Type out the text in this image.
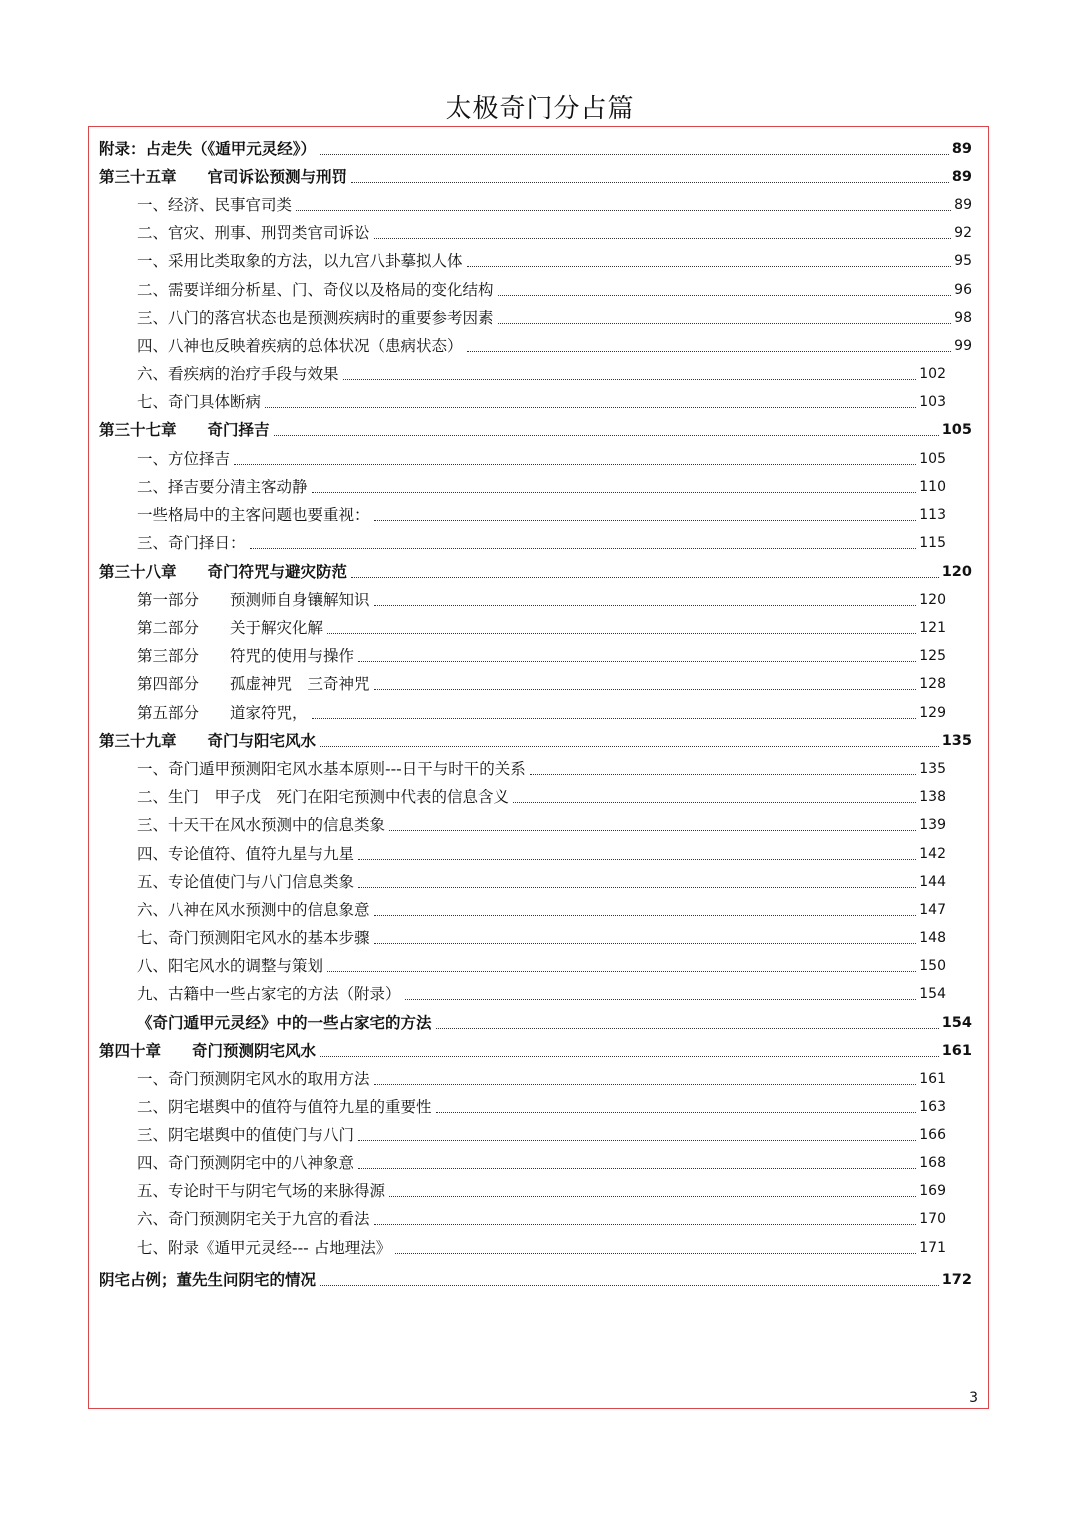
太极奇门分占篇
附录：占走失（《遁甲元灵经》）	89
第三十五章　　官司诉讼预测与刑罚	89
一、经济、民事官司类	89
二、官灾、刑事、刑罚类官司诉讼	92
一、采用比类取象的方法，以九宫八卦摹拟人体	95
二、需要详细分析星、门、奇仪以及格局的变化结构	96
三、八门的落宫状态也是预测疾病时的重要参考因素	98
四、八神也反映着疾病的总体状况（患病状态）	99
六、看疾病的治疗手段与效果	102
七、奇门具体断病	103
第三十七章　　奇门择吉	105
一、方位择吉	105
二、择吉要分清主客动静	110
一些格局中的主客问题也要重视：	113
三、奇门择日：	115
第三十八章　　奇门符咒与避灾防范	120
第一部分　　预测师自身镶解知识	120
第二部分　　关于解灾化解	121
第三部分　　符咒的使用与操作	125
第四部分　　孤虚神咒　三奇神咒	128
第五部分　　道家符咒，	129
第三十九章　　奇门与阳宅风水	135
一、奇门遁甲预测阳宅风水基本原则---日干与时干的关系	135
二、生门　甲子戊　死门在阳宅预测中代表的信息含义	138
三、十天干在风水预测中的信息类象	139
四、专论值符、值符九星与九星	142
五、专论值使门与八门信息类象	144
六、八神在风水预测中的信息象意	147
七、奇门预测阳宅风水的基本步骤	148
八、阳宅风水的调整与策划	150
九、古籍中一些占家宅的方法（附录）	154
《奇门遁甲元灵经》中的一些占家宅的方法	154
第四十章　　奇门预测阴宅风水	161
一、奇门预测阴宅风水的取用方法	161
二、阴宅堪舆中的值符与值符九星的重要性	163
三、阴宅堪舆中的值使门与八门	166
四、奇门预测阴宅中的八神象意	168
五、专论时干与阴宅气场的来脉得源	169
六、奇门预测阴宅关于九宫的看法	170
七、附录《遁甲元灵经--- 占地理法》	171
阴宅占例；董先生问阴宅的情况	172
3
